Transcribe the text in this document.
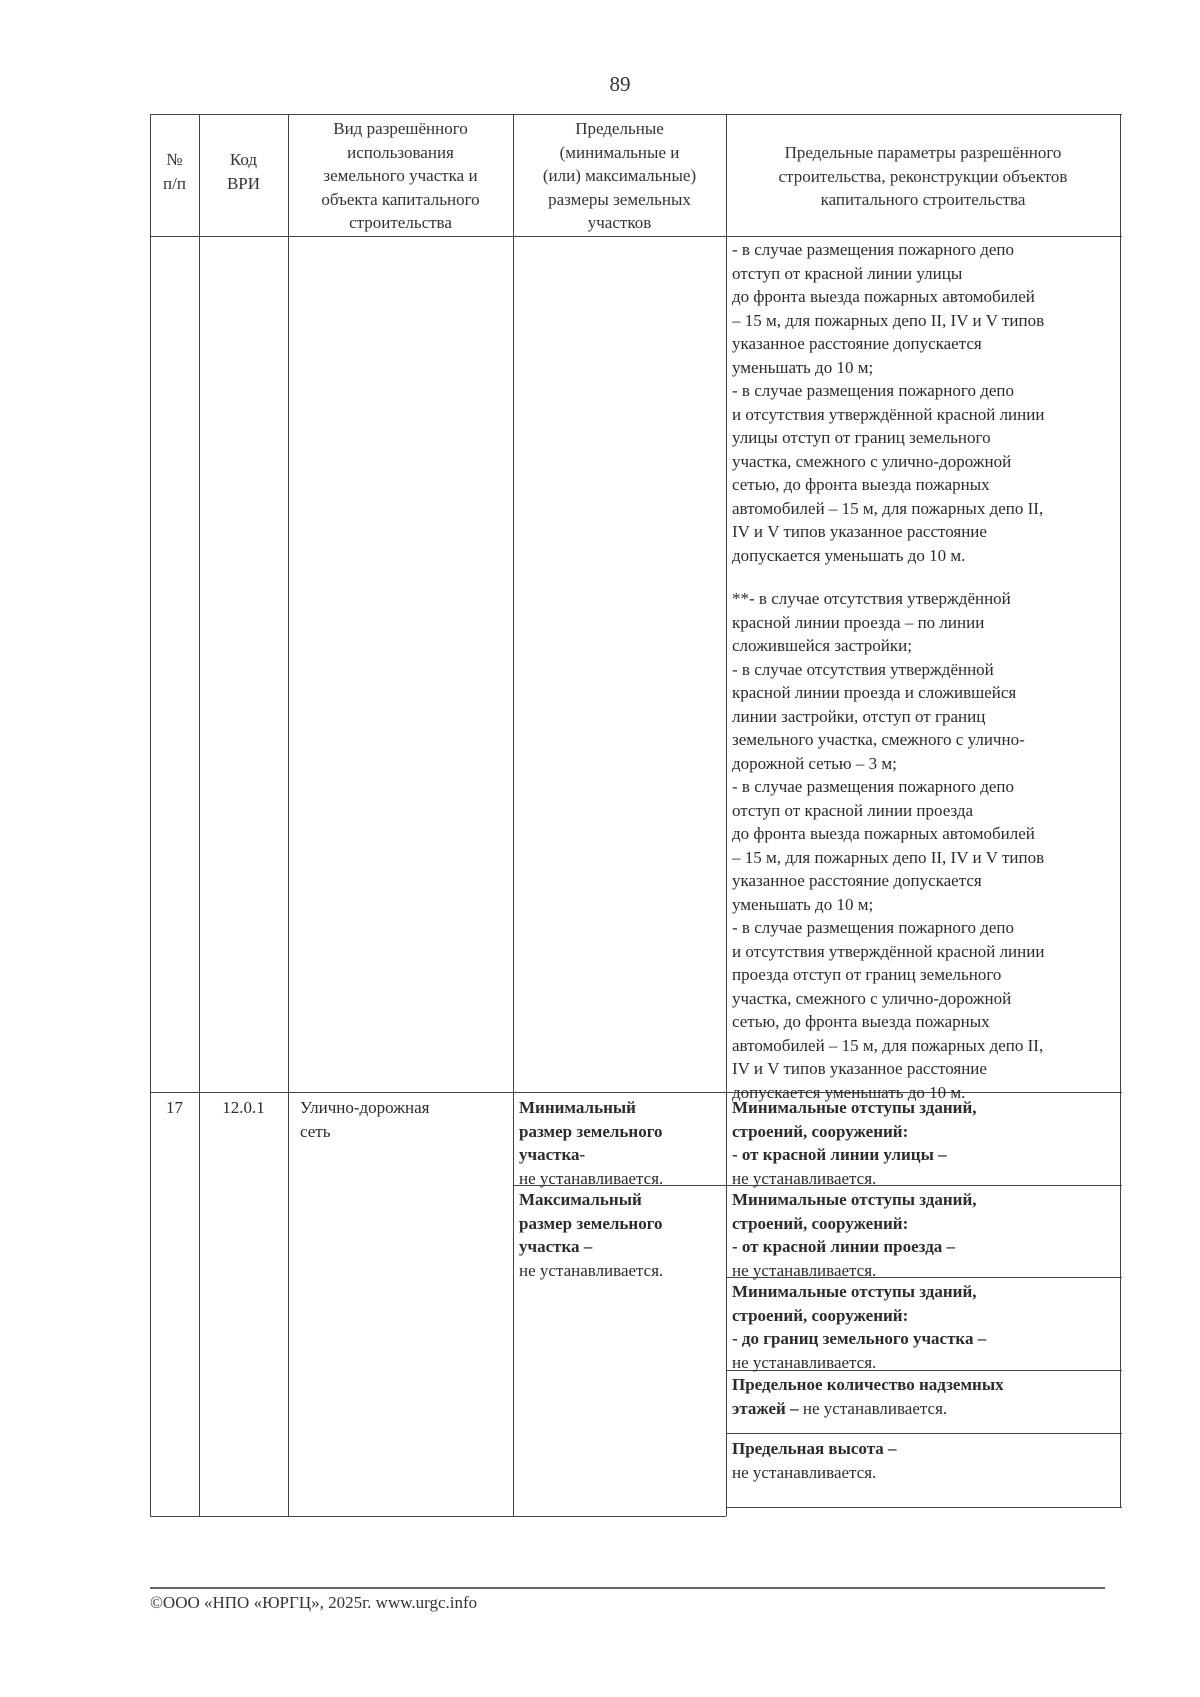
89
№
п/п
Код
ВРИ
Вид разрешённого
использования
земельного участка и
объекта капитального
строительства
Предельные
(минимальные и
(или) максимальные)
размеры земельных
участков
Предельные параметры разрешённого
строительства, реконструкции объектов
капитального строительства
- в случае размещения пожарного депо
отступ от красной линии улицы
до фронта выезда пожарных автомобилей
– 15 м, для пожарных депо II, IV и V типов
указанное расстояние допускается
уменьшать до 10 м;
- в случае размещения пожарного депо
и отсутствия утверждённой красной линии
улицы отступ от границ земельного
участка, смежного с улично-дорожной
сетью, до фронта выезда пожарных
автомобилей – 15 м, для пожарных депо II,
IV и V типов указанное расстояние
допускается уменьшать до 10 м.
**- в случае отсутствия утверждённой
красной линии проезда – по линии
сложившейся застройки;
- в случае отсутствия утверждённой
красной линии проезда и сложившейся
линии застройки, отступ от границ
земельного участка, смежного с улично-
дорожной сетью – 3 м;
- в случае размещения пожарного депо
отступ от красной линии проезда
до фронта выезда пожарных автомобилей
– 15 м, для пожарных депо II, IV и V типов
указанное расстояние допускается
уменьшать до 10 м;
- в случае размещения пожарного депо
и отсутствия утверждённой красной линии
проезда отступ от границ земельного
участка, смежного с улично-дорожной
сетью, до фронта выезда пожарных
автомобилей – 15 м, для пожарных депо II,
IV и V типов указанное расстояние
допускается уменьшать до 10 м.
17	12.0.1	Улично-дорожная
сеть
Минимальный
размер земельного
участка-
не устанавливается.
Максимальный
размер земельного
участка –
не устанавливается.
Минимальные отступы зданий,
строений, сооружений:
- от красной линии улицы –
не устанавливается.
Минимальные отступы зданий,
строений, сооружений:
- от красной линии проезда –
не устанавливается.
Минимальные отступы зданий,
строений, сооружений:
- до границ земельного участка –
не устанавливается.
Предельное количество надземных
этажей – не устанавливается.
Предельная высота –
не устанавливается.
©ООО «НПО «ЮРГЦ», 2025г. www.urgc.info
